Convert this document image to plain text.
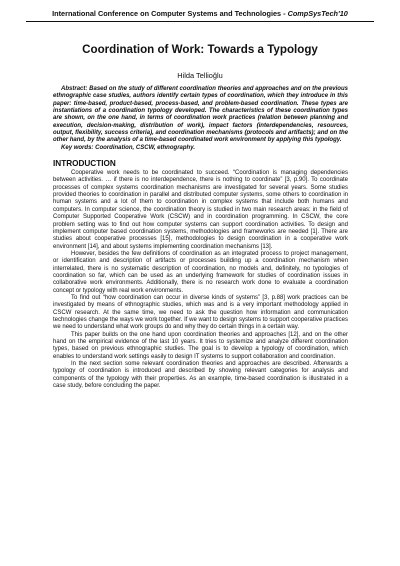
International Conference on Computer Systems and Technologies - CompSysTech'10
Coordination of Work: Towards a Typology
Hilda Tellioğlu

Abstract: Based on the study of different coordination theories and approaches and on the previous ethnographic case studies, authors identify certain types of coordination, which they introduce in this paper: time-based, product-based, process-based, and problem-based coordination. These types are instantiations of a coordination typology developed. The characteristics of these coordination types are shown, on the one hand, in terms of coordination work practices (relation between planning and execution, decision-making, distribution of work), impact factors (interdependencies, resources, output, flexibility, success criteria), and coordination mechanisms (protocols and artifacts); and on the other hand, by the analysis of a time-based coordinated work environment by applying this typology.

Key words: Coordination, CSCW, ethnography.

INTRODUCTION

Cooperative work needs to be coordinated to succeed. “Coordination is managing dependencies between activities. … if there is no interdependence, there is nothing to coordinate” [3, p.90]. To coordinate processes of complex systems coordination mechanisms are investigated for several years. Some studies provided theories to coordination in parallel and distributed computer systems, some others to coordination in human systems and a lot of them to coordination in complex systems that include both humans and computers. In computer science, the coordination theory is studied in two main research areas: in the field of Computer Supported Cooperative Work (CSCW) and in coordination programming. In CSCW, the core problem setting was to find out how computer systems can support coordination activities. To design and implement computer based coordination systems, methodologies and frameworks are needed [1]. There are studies about cooperative processes [15], methodologies to design coordination in a cooperative work environment [14], and about systems implementing coordination mechanisms [13].

However, besides the few definitions of coordination as an integrated process to project management, or identification and description of artifacts or processes building up a coordination mechanism when interrelated, there is no systematic description of coordination, no models and, definitely, no typologies of coordination so far, which can be used as an underlying framework for studies of coordination issues in collaborative work environments. Additionally, there is no research work done to evaluate a coordination concept or typology with real work environments.

To find out “how coordination can occur in diverse kinds of systems” [3, p.88] work practices can be investigated by means of ethnographic studies, which was and is a very important methodology applied in CSCW research. At the same time, we need to ask the question how information and communication technologies change the ways we work together. If we want to design systems to support cooperative practices we need to understand what work groups do and why they do certain things in a certain way.

This paper builds on the one hand upon coordination theories and approaches [12], and on the other hand on the empirical evidence of the last 10 years. It tries to systemize and analyze different coordination types, based on previous ethnographic studies. The goal is to develop a typology of coordination, which enables to understand work settings easily to design IT systems to support collaboration and coordination.

In the next section some relevant coordination theories and approaches are described. Afterwards a typology of coordination is introduced and described by showing relevant categories for analysis and components of the typology with their properties. As an example, time-based coordination is illustrated in a case study, before concluding the paper.
